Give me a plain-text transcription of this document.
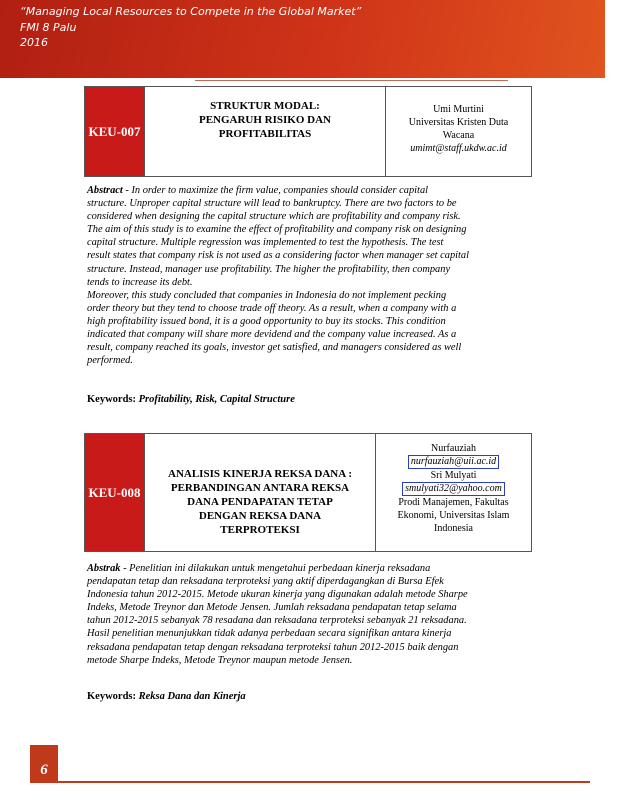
“Managing Local Resources to Compete in the Global Market”
FMI 8 Palu
2016
KEU-007
STRUKTUR MODAL:
PENGARUH RISIKO DAN
PROFITABILITAS
Umi Murtini
Universitas Kristen Duta
Wacana
umimt@staff.ukdw.ac.id
Abstract - In order to maximize the firm value, companies should consider capital
structure. Unproper capital structure will lead to bankruptcy. There are two factors to be
considered when designing the capital structure which are profitability and company risk.
The aim of this study is to examine the effect of profitability and company risk on designing
capital structure. Multiple regression was implemented to test the hypothesis. The test
result states that company risk is not used as a considering factor when manager set capital
structure. Instead, manager use profitability. The higher the profitability, then company
tends to increase its debt.
Moreover, this study concluded that companies in Indonesia do not implement pecking
order theory but they tend to choose trade off theory. As a result, when a company with a
high profitability issued bond, it is a good opportunity to buy its stocks. This condition
indicated that company will share more devidend and the company value increased. As a
result, company reached its goals, investor get satisfied, and managers considered as well
performed.
Keywords: Profitability, Risk, Capital Structure
KEU-008
ANALISIS KINERJA REKSA DANA :
PERBANDINGAN ANTARA REKSA
DANA PENDAPATAN TETAP
DENGAN REKSA DANA
TERPROTEKSI
Nurfauziah
nurfauziah@uii.ac.id
Sri Mulyati
smulyati32@yahoo.com
Prodi Manajemen, Fakultas
Ekonomi, Universitas Islam
Indonesia
Abstrak - Penelitian ini dilakukan untuk mengetahui perbedaan kinerja reksadana
pendapatan tetap dan reksadana terproteksi yang aktif diperdagangkan di Bursa Efek
Indonesia tahun 2012-2015. Metode ukuran kinerja yang digunakan adalah metode Sharpe
Indeks, Metode Treynor dan Metode Jensen. Jumlah reksadana pendapatan tetap selama
tahun 2012-2015 sebanyak 78 resadana dan reksadana terproteksi sebanyak 21 reksadana.
Hasil penelitian menunjukkan tidak adanya perbedaan secara signifikan antara kinerja
reksadana pendapatan tetap dengan reksadana terproteksi tahun 2012-2015 baik dengan
metode Sharpe Indeks, Metode Treynor maupun metode Jensen.
Keywords: Reksa Dana dan Kinerja
6
